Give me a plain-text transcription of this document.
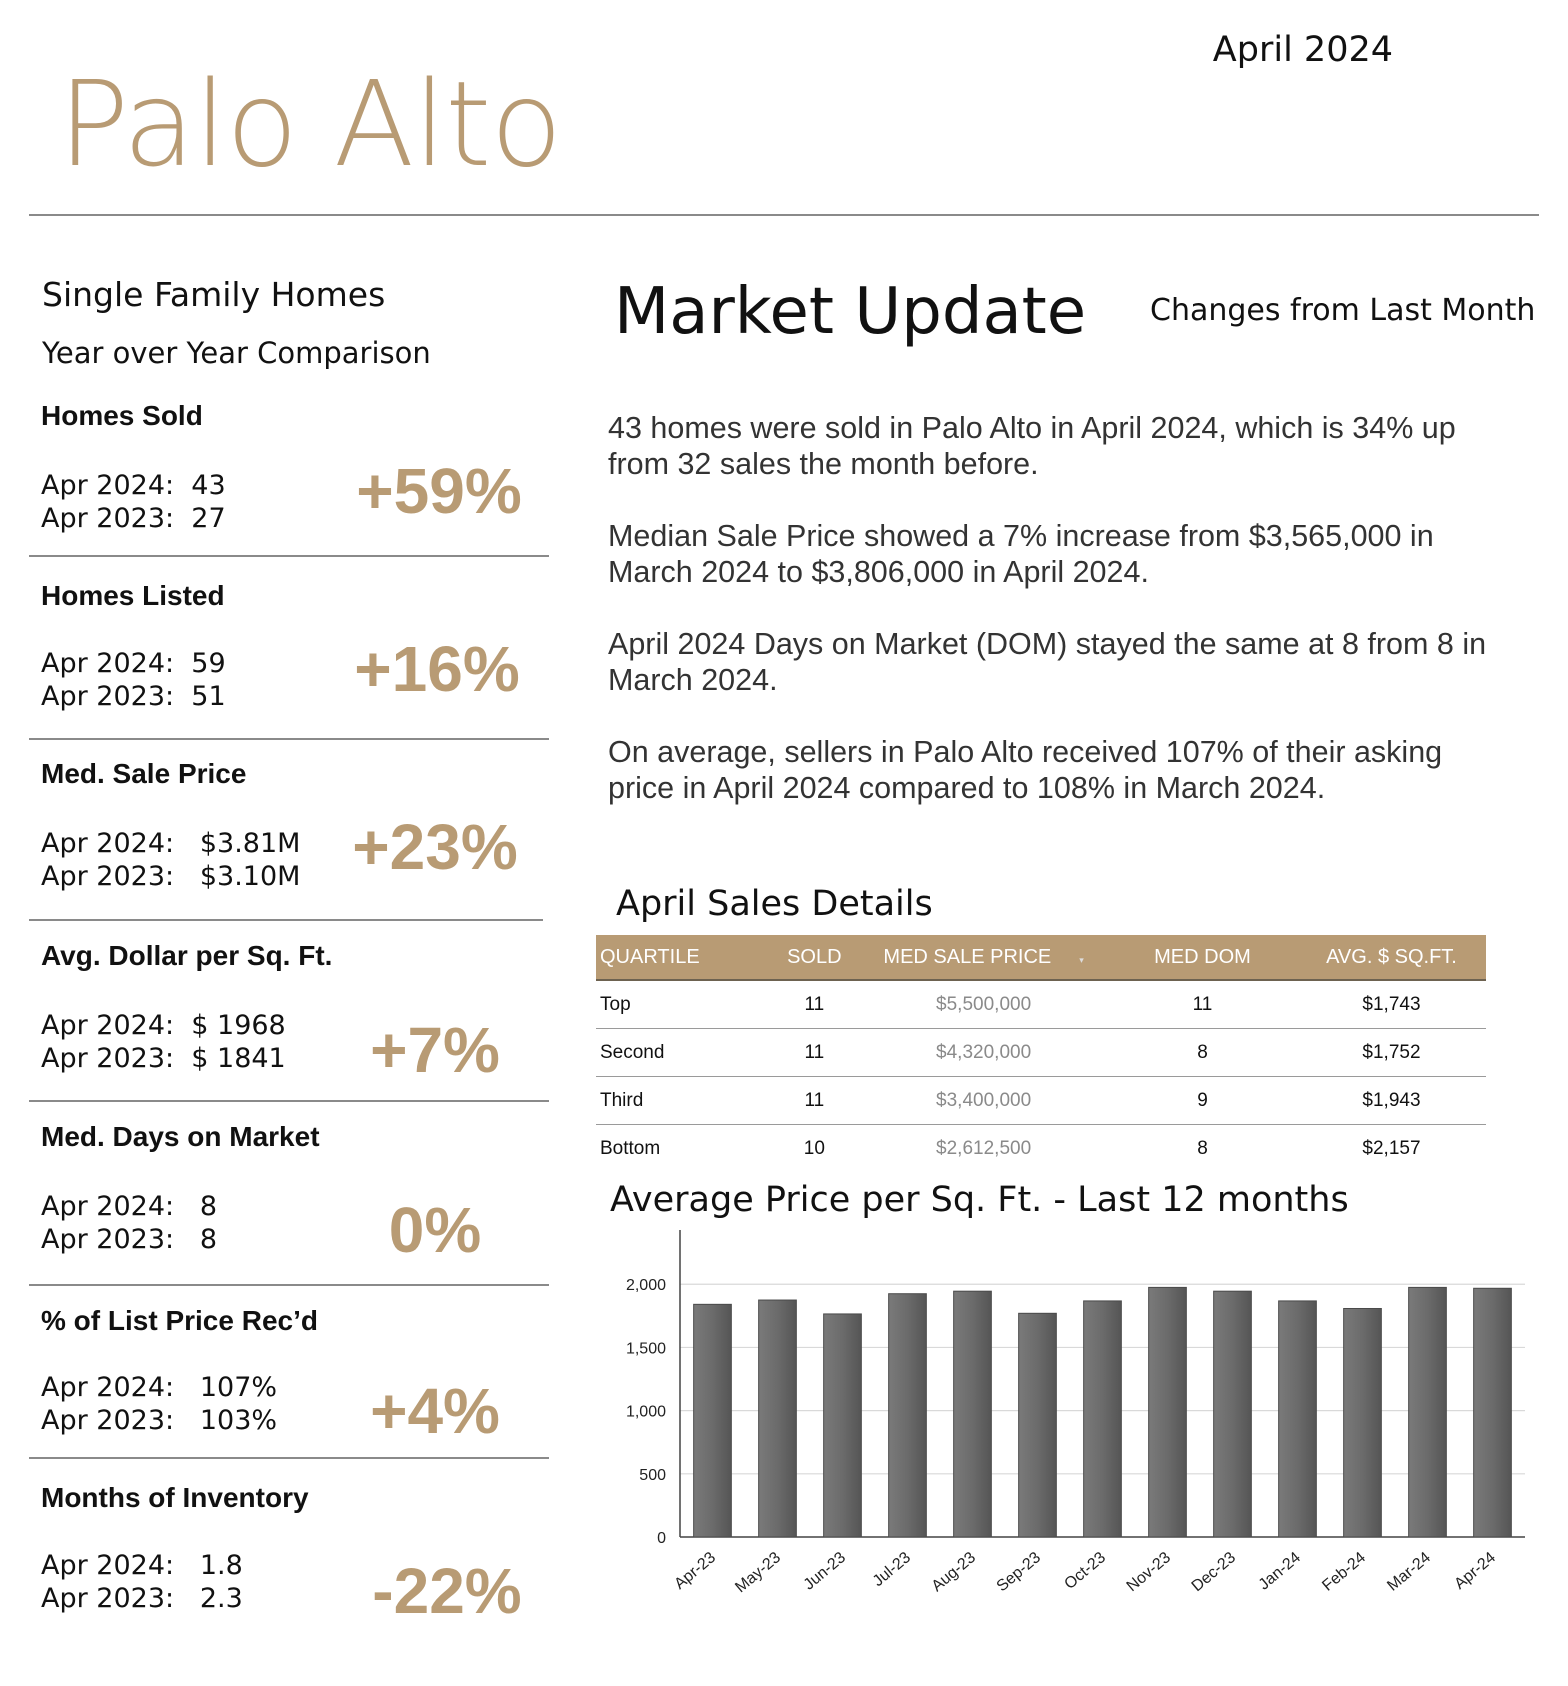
April 2024
Palo Alto
Single Family Homes
Year over Year Comparison
Homes Sold
Apr 2024:  43
Apr 2023:  27 +59%
Homes Listed
Apr 2024:  59
Apr 2023:  51 +16%
Med. Sale Price
Apr 2024:   $3.81M
Apr 2023:   $3.10M +23%
Avg. Dollar per Sq. Ft.
Apr 2024:  $ 1968
Apr 2023:  $ 1841	+7%
Med. Days on Market
Apr 2024:   8
Apr 2023:   8	0%
% of List Price Rec’d
Apr 2024:   107%
Apr 2023:   103%	+4%
Months of Inventory
Apr 2024:   1.8
Apr 2023:   2.3	-22%
Market Update Changes from Last Month
43 homes were sold in Palo Alto in April 2024, which is 34% up from 32 sales the month before.
Median Sale Price showed a 7% increase from $3,565,000 in March 2024 to $3,806,000 in April 2024.
April 2024 Days on Market (DOM) stayed the same at 8 from 8 in March 2024.
On average, sellers in Palo Alto received 107% of their asking price in April 2024 compared to 108% in March 2024.
April Sales Details
QUARTILE	SOLD	MED SALE PRICE ▾	MED DOM	AVG. $ SQ.FT.
Top	11	$5,500,000	11	$1,743
Second	11	$4,320,000	8	$1,752
Third	11	$3,400,000	9	$1,943
Bottom	10	$2,612,500	8	$2,157
Average Price per Sq. Ft. - Last 12 months
0
500
1,000
1,500
2,000
Apr-23 May-23 Jun-23 Jul-23 Aug-23 Sep-23 Oct-23 Nov-23 Dec-23 Jan-24 Feb-24 Mar-24 Apr-24
